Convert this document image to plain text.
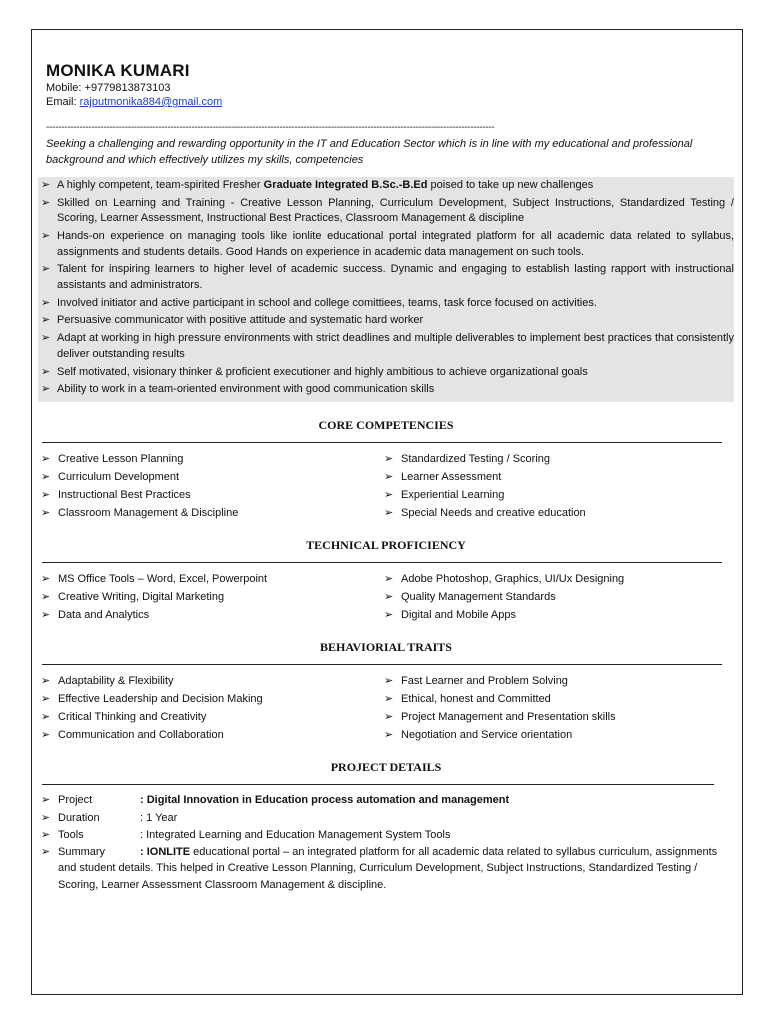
MONIKA KUMARI
Mobile: +9779813873103
Email: rajputmonika884@gmail.com
----------------------------------------------------------------------------------------------------------------------------------------------------
Seeking a challenging and rewarding opportunity in the IT and Education Sector which is in line with my educational and professional background and which effectively utilizes my skills, competencies
➢ A highly competent, team-spirited Fresher Graduate Integrated B.Sc.-B.Ed poised to take up new challenges
➢ Skilled on Learning and Training - Creative Lesson Planning, Curriculum Development, Subject Instructions, Standardized Testing / Scoring, Learner Assessment, Instructional Best Practices, Classroom Management & discipline
➢ Hands-on experience on managing tools like ionlite educational portal integrated platform for all academic data related to syllabus, assignments and students details. Good Hands on experience in academic data management on such tools.
➢ Talent for inspiring learners to higher level of academic success. Dynamic and engaging to establish lasting rapport with instructional assistants and administrators.
➢ Involved initiator and active participant in school and college comittiees, teams, task force focused on activities.
➢ Persuasive communicator with positive attitude and systematic hard worker
➢ Adapt at working in high pressure environments with strict deadlines and multiple deliverables to implement best practices that consistently deliver outstanding results
➢ Self motivated, visionary thinker & proficient executioner and highly ambitious to achieve organizational goals
➢ Ability to work in a team-oriented environment with good communication skills
CORE COMPETENCIES
➢ Creative Lesson Planning
➢ Curriculum Development
➢ Instructional Best Practices
➢ Classroom Management & Discipline
➢ Standardized Testing / Scoring
➢ Learner Assessment
➢ Experiential Learning
➢ Special Needs and creative education
TECHNICAL PROFICIENCY
➢ MS Office Tools – Word, Excel, Powerpoint
➢ Creative Writing, Digital Marketing
➢ Data and Analytics
➢ Adobe Photoshop, Graphics, UI/Ux Designing
➢ Quality Management Standards
➢ Digital and Mobile Apps
BEHAVIORIAL TRAITS
➢ Adaptability & Flexibility
➢ Effective Leadership and Decision Making
➢ Critical Thinking and Creativity
➢ Communication and Collaboration
➢ Fast Learner and Problem Solving
➢ Ethical, honest and Committed
➢ Project Management and Presentation skills
➢ Negotiation and Service orientation
PROJECT DETAILS
➢ Project	: Digital Innovation in Education process automation and management
➢ Duration	: 1 Year
➢ Tools	: Integrated Learning and Education Management System Tools
➢ Summary	: IONLITE educational portal – an integrated platform for all academic data related to syllabus curriculum, assignments and student details. This helped in Creative Lesson Planning, Curriculum Development, Subject Instructions, Standardized Testing / Scoring, Learner Assessment Classroom Management & discipline.
